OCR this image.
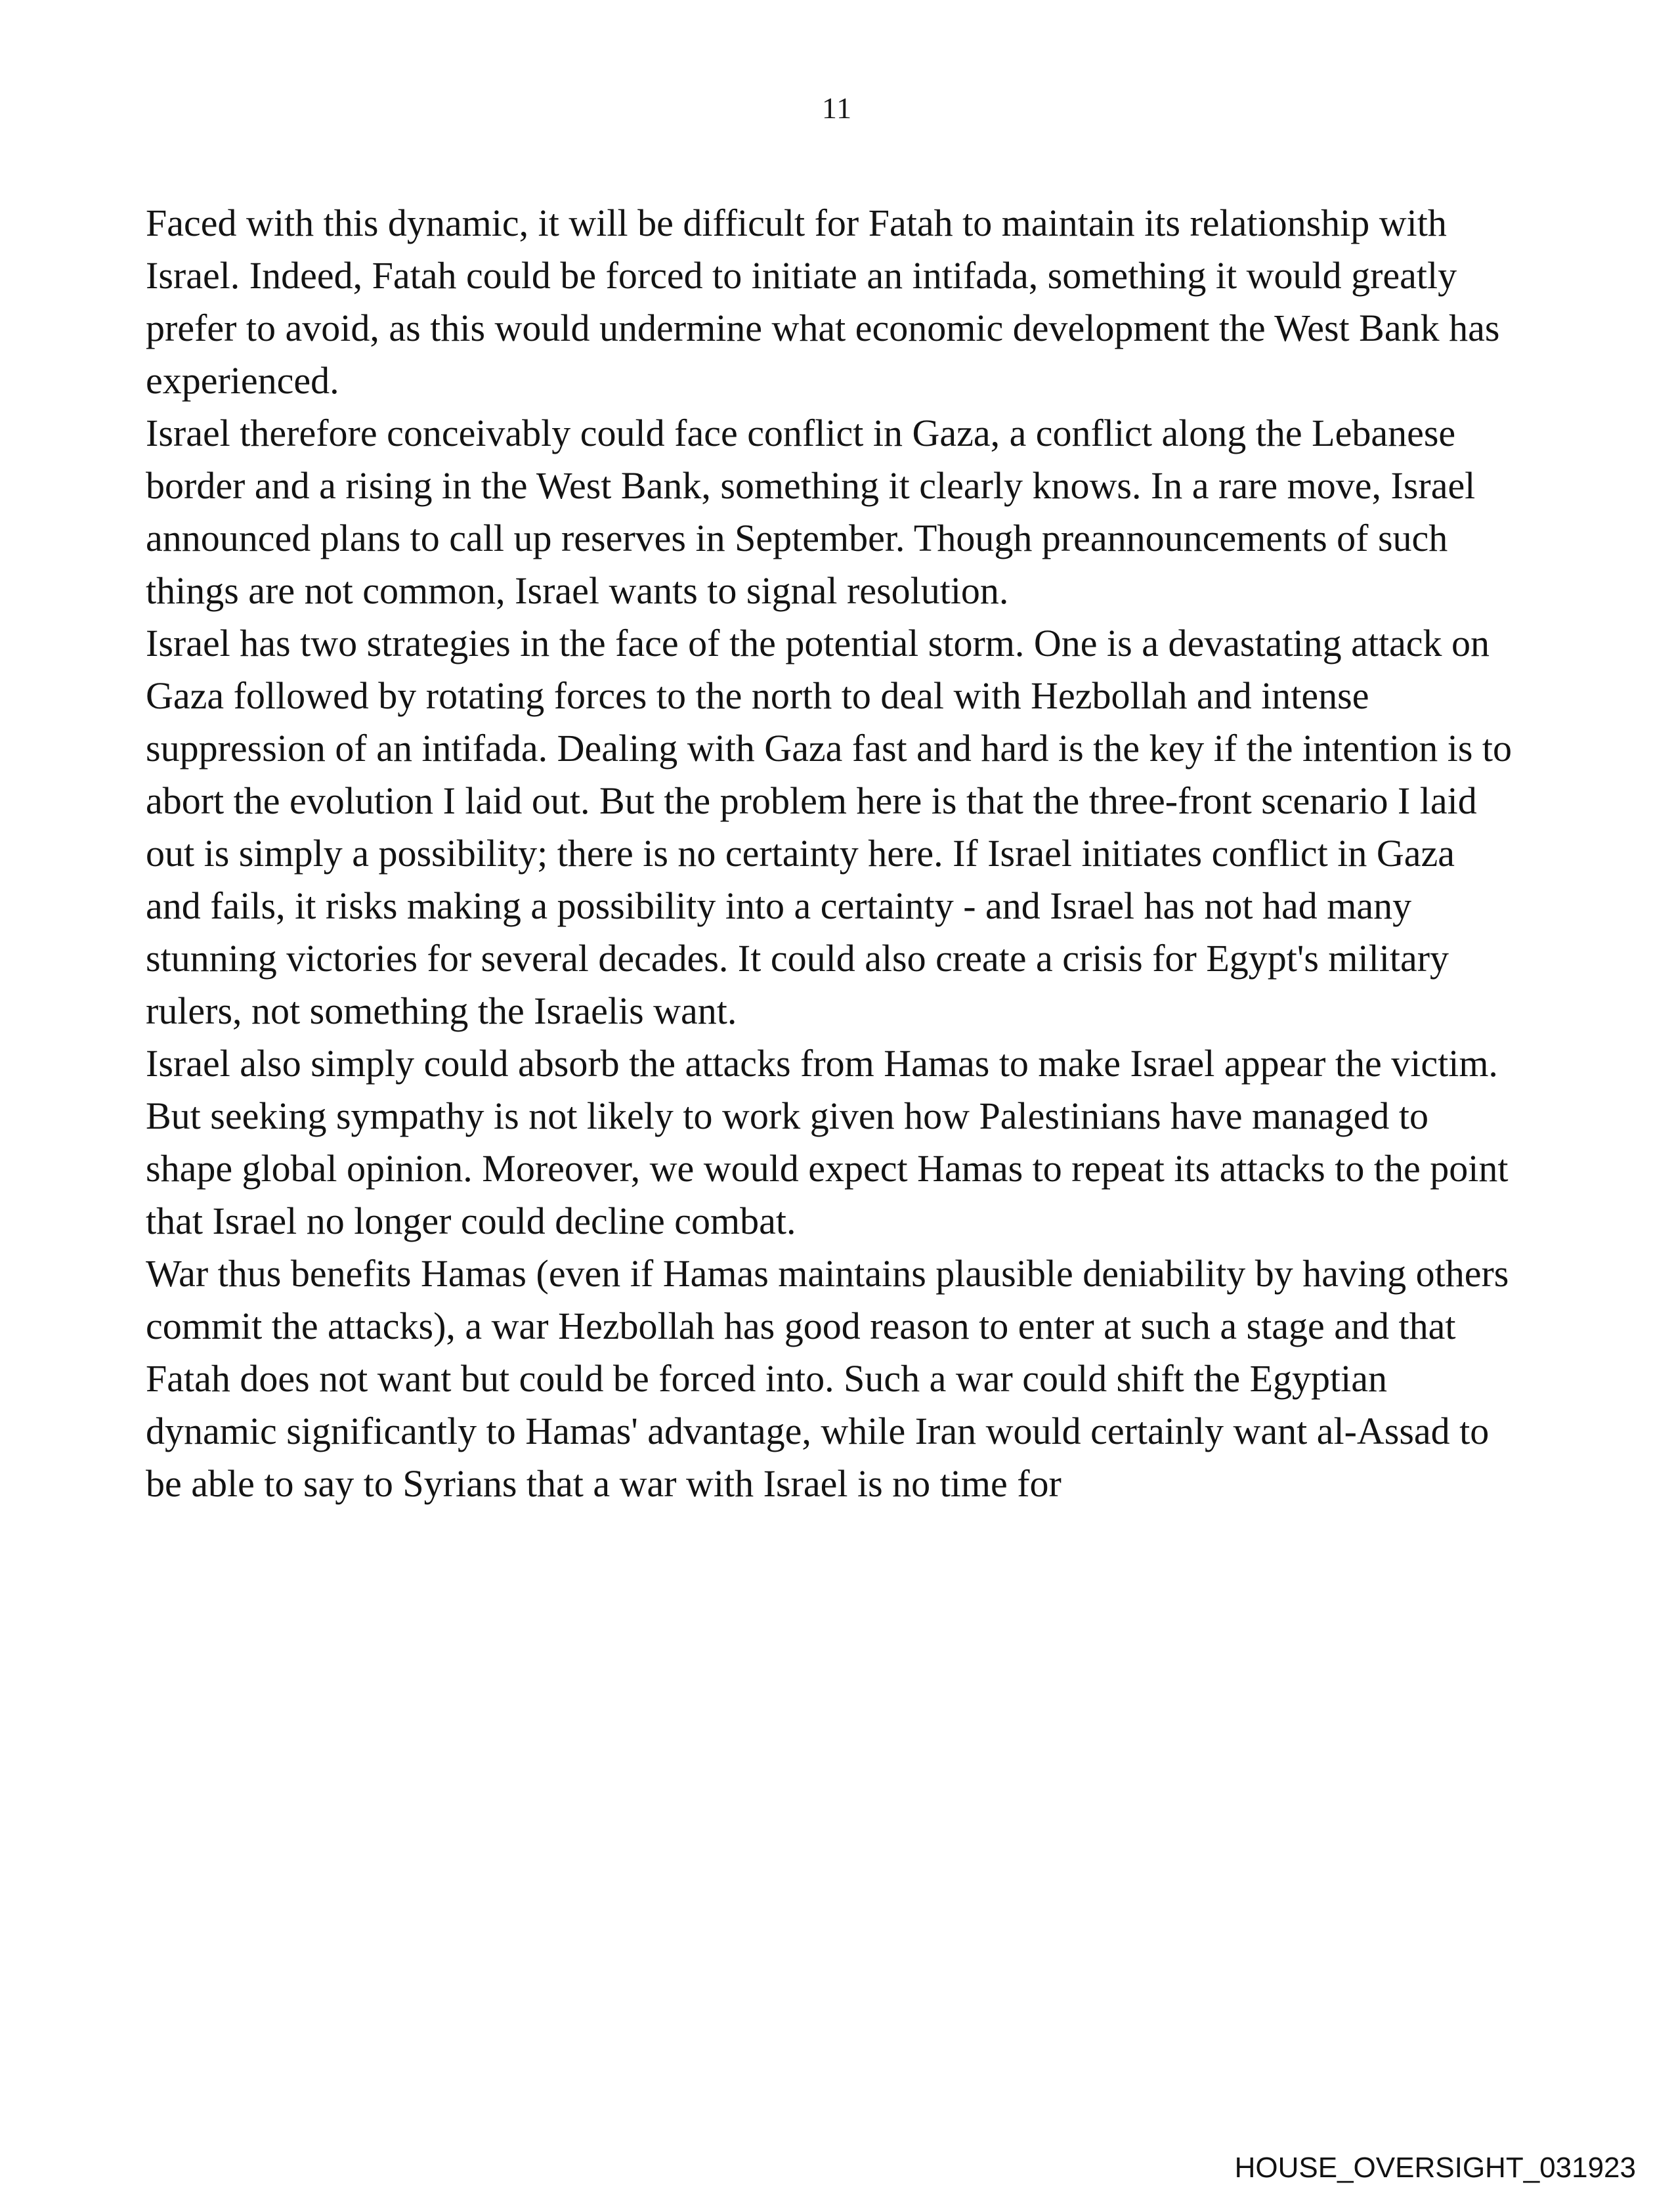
11

Faced with this dynamic, it will be difficult for Fatah to maintain its relationship with Israel. Indeed, Fatah could be forced to initiate an intifada, something it would greatly prefer to avoid, as this would undermine what economic development the West Bank has experienced.

Israel therefore conceivably could face conflict in Gaza, a conflict along the Lebanese border and a rising in the West Bank, something it clearly knows. In a rare move, Israel announced plans to call up reserves in September. Though preannouncements of such things are not common, Israel wants to signal resolution.

Israel has two strategies in the face of the potential storm. One is a devastating attack on Gaza followed by rotating forces to the north to deal with Hezbollah and intense suppression of an intifada. Dealing with Gaza fast and hard is the key if the intention is to abort the evolution I laid out. But the problem here is that the three-front scenario I laid out is simply a possibility; there is no certainty here. If Israel initiates conflict in Gaza and fails, it risks making a possibility into a certainty - and Israel has not had many stunning victories for several decades. It could also create a crisis for Egypt's military rulers, not something the Israelis want.

Israel also simply could absorb the attacks from Hamas to make Israel appear the victim. But seeking sympathy is not likely to work given how Palestinians have managed to shape global opinion. Moreover, we would expect Hamas to repeat its attacks to the point that Israel no longer could decline combat.

War thus benefits Hamas (even if Hamas maintains plausible deniability by having others commit the attacks), a war Hezbollah has good reason to enter at such a stage and that Fatah does not want but could be forced into. Such a war could shift the Egyptian dynamic significantly to Hamas' advantage, while Iran would certainly want al-Assad to be able to say to Syrians that a war with Israel is no time for

HOUSE_OVERSIGHT_031923
